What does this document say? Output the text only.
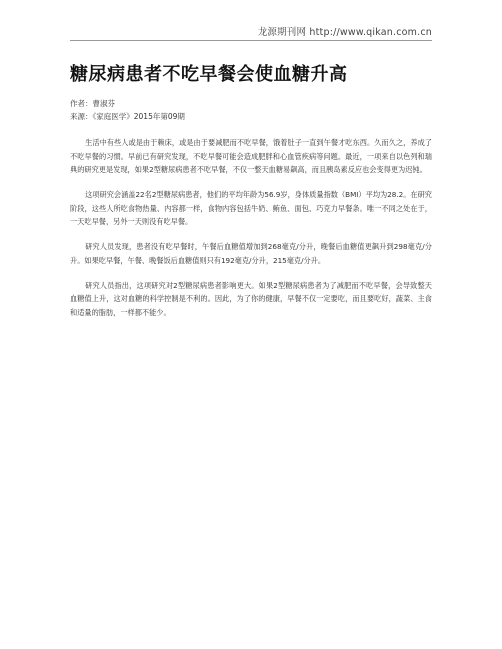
龙源期刊网 http://www.qikan.com.cn
糖尿病患者不吃早餐会使血糖升高
作者：曹淑芬
来源：《家庭医学》2015年第09期

生活中有些人或是由于赖床，或是由于要减肥而不吃早餐，饿着肚子一直到午餐才吃东西。久而久之，养成了不吃早餐的习惯。早前已有研究发现，不吃早餐可能会造成肥胖和心血管疾病等问题。最近，一项来自以色列和瑞典的研究更是发现，如果2型糖尿病患者不吃早餐，不仅一整天血糖易飙高，而且胰岛素反应也会变得更为迟钝。

这项研究会涵盖22名2型糖尿病患者，他们的平均年龄为56.9岁，身体质量指数（BMI）平均为28.2。在研究阶段，这些人所吃食物热量、内容都一样，食物内容包括牛奶、鲔鱼、面包、巧克力早餐条。唯一不同之处在于，一天吃早餐，另外一天则没有吃早餐。

研究人员发现，患者没有吃早餐时，午餐后血糖值增加到268毫克/分升，晚餐后血糖值更飙升到298毫克/分升。如果吃早餐，午餐、晚餐饭后血糖值则只有192毫克/分升，215毫克/分升。

研究人员指出，这项研究对2型糖尿病患者影响更大。如果2型糖尿病患者为了减肥而不吃早餐，会导致整天血糖值上升，这对血糖的科学控制是不利的。因此，为了你的健康，早餐不仅一定要吃，而且要吃好，蔬菜、主食和适量的脂肪，一样都不能少。
